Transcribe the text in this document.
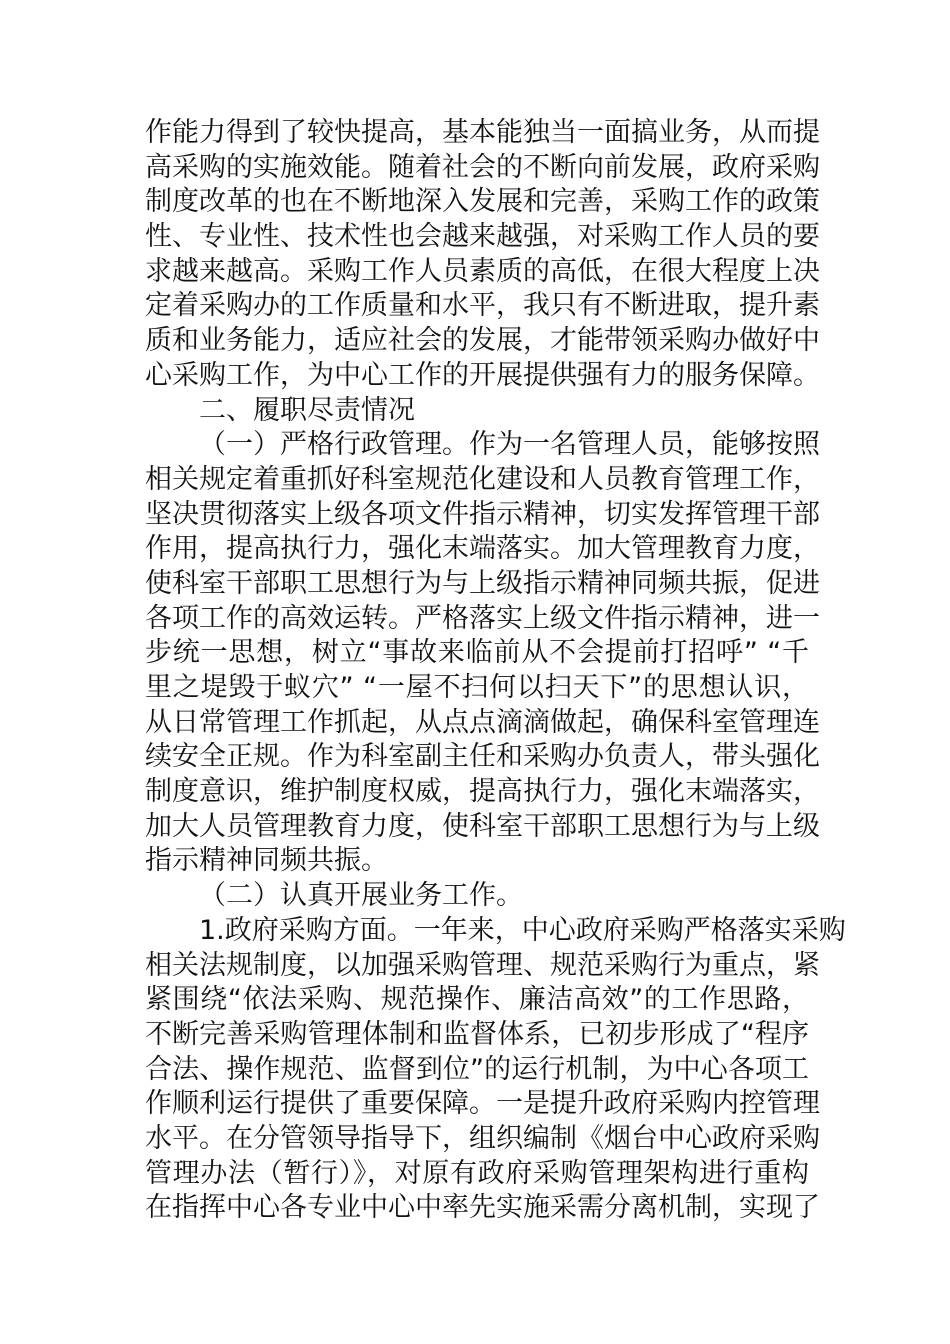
作能力得到了较快提高，基本能独当一面搞业务，从而提
高采购的实施效能。随着社会的不断向前发展，政府采购
制度改革的也在不断地深入发展和完善，采购工作的政策
性、专业性、技术性也会越来越强，对采购工作人员的要
求越来越高。采购工作人员素质的高低，在很大程度上决
定着采购办的工作质量和水平，我只有不断进取，提升素
质和业务能力，适应社会的发展，才能带领采购办做好中
心采购工作，为中心工作的开展提供强有力的服务保障。
二、履职尽责情况
（一）严格行政管理。作为一名管理人员，能够按照
相关规定着重抓好科室规范化建设和人员教育管理工作，
坚决贯彻落实上级各项文件指示精神，切实发挥管理干部
作用，提高执行力，强化末端落实。加大管理教育力度，
使科室干部职工思想行为与上级指示精神同频共振，促进
各项工作的高效运转。严格落实上级文件指示精神，进一
步统一思想，树立“事故来临前从不会提前打招呼” “千
里之堤毁于蚁穴” “一屋不扫何以扫天下”的思想认识，
从日常管理工作抓起，从点点滴滴做起，确保科室管理连
续安全正规。作为科室副主任和采购办负责人，带头强化
制度意识，维护制度权威，提高执行力，强化末端落实，
加大人员管理教育力度，使科室干部职工思想行为与上级
指示精神同频共振。
（二）认真开展业务工作。
1.政府采购方面。一年来，中心政府采购严格落实采购
相关法规制度，以加强采购管理、规范采购行为重点，紧
紧围绕“依法采购、规范操作、廉洁高效”的工作思路，
不断完善采购管理体制和监督体系，已初步形成了“程序
合法、操作规范、监督到位”的运行机制，为中心各项工
作顺利运行提供了重要保障。一是提升政府采购内控管理
水平。在分管领导指导下，组织编制《烟台中心政府采购
管理办法（暂行）》，对原有政府采购管理架构进行重构
在指挥中心各专业中心中率先实施采需分离机制，实现了
